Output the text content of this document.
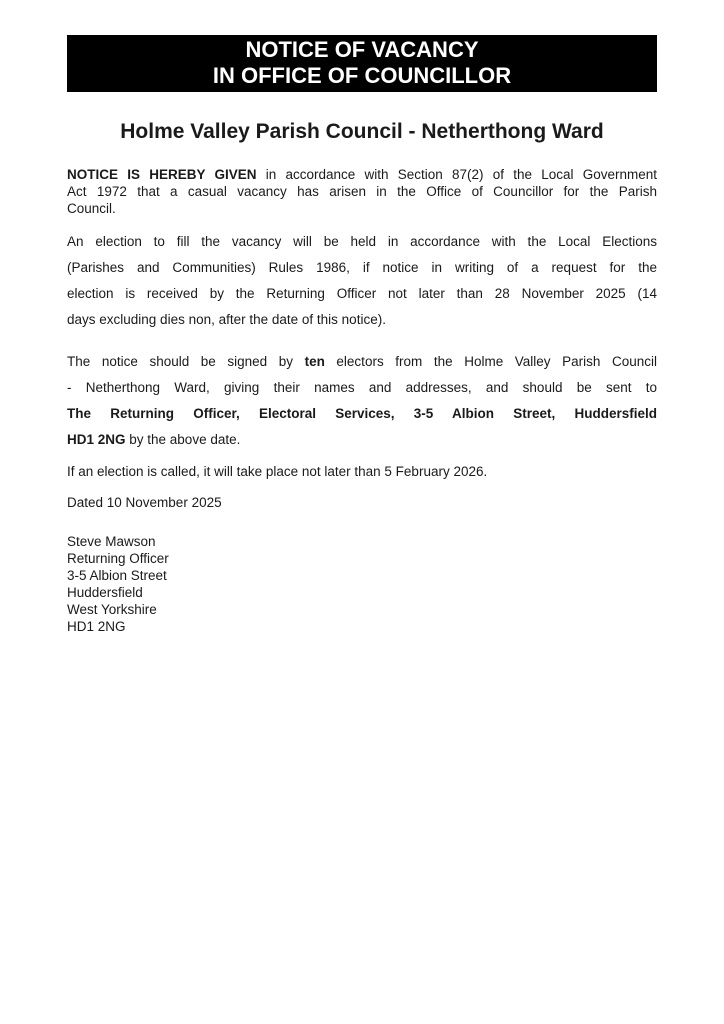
NOTICE OF VACANCY
IN OFFICE OF COUNCILLOR
Holme Valley Parish Council - Netherthong Ward
NOTICE IS HEREBY GIVEN in accordance with Section 87(2) of the Local Government
Act 1972 that a casual vacancy has arisen in the Office of Councillor for the Parish
Council.
An election to fill the vacancy will be held in accordance with the Local Elections
(Parishes and Communities) Rules 1986, if notice in writing of a request for the
election is received by the Returning Officer not later than 28 November 2025 (14
days excluding dies non, after the date of this notice).
The notice should be signed by ten electors from the Holme Valley Parish Council
- Netherthong Ward, giving their names and addresses, and should be sent to
The Returning Officer, Electoral Services, 3-5 Albion Street, Huddersfield
HD1 2NG by the above date.
If an election is called, it will take place not later than 5 February 2026.
Dated 10 November 2025
Steve Mawson
Returning Officer
3-5 Albion Street
Huddersfield
West Yorkshire
HD1 2NG
